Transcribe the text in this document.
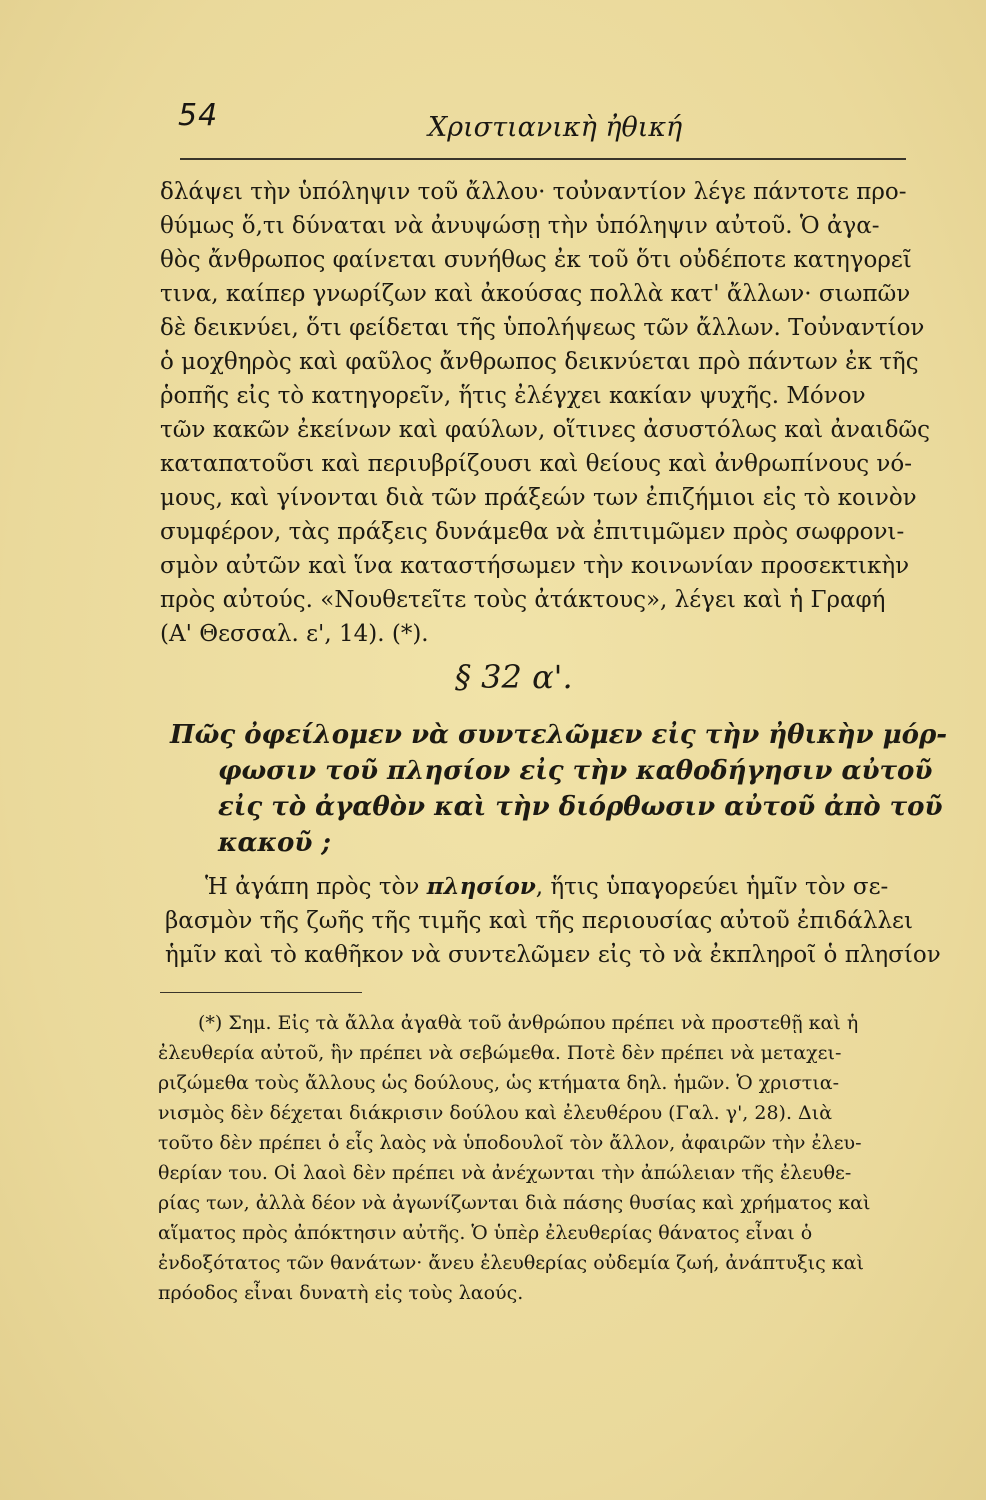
54	Χριστιανικὴ ἠθική
δλάψει τὴν ὑπόληψιν τοῦ ἄλλου· τοὐναντίον λέγε πάντοτε προ-
θύμως ὅ,τι δύναται νὰ ἀνυψώσῃ τὴν ὑπόληψιν αὐτοῦ. Ὁ ἀγα-
θὸς ἄνθρωπος φαίνεται συνήθως ἐκ τοῦ ὅτι οὐδέποτε κατηγορεῖ
τινα, καίπερ γνωρίζων καὶ ἀκούσας πολλὰ κατ' ἄλλων· σιωπῶν
δὲ δεικνύει, ὅτι φείδεται τῆς ὑπολήψεως τῶν ἄλλων. Τοὐναντίον
ὁ μοχθηρὸς καὶ φαῦλος ἄνθρωπος δεικνύεται πρὸ πάντων ἐκ τῆς
ῥοπῆς εἰς τὸ κατηγορεῖν, ἥτις ἐλέγχει κακίαν ψυχῆς. Μόνον
τῶν κακῶν ἐκείνων καὶ φαύλων, οἵτινες ἀσυστόλως καὶ ἀναιδῶς
καταπατοῦσι καὶ περιυβρίζουσι καὶ θείους καὶ ἀνθρωπίνους νό-
μους, καὶ γίνονται διὰ τῶν πράξεών των ἐπιζήμιοι εἰς τὸ κοινὸν
συμφέρον, τὰς πράξεις δυνάμεθα νὰ ἐπιτιμῶμεν πρὸς σωφρονι-
σμὸν αὐτῶν καὶ ἵνα καταστήσωμεν τὴν κοινωνίαν προσεκτικὴν
πρὸς αὐτούς. «Νουθετεῖτε τοὺς ἀτάκτους», λέγει καὶ ἡ Γραφή
(Α' Θεσσαλ. ε', 14). (*).
§ 32 α'.
Πῶς ὀφείλομεν νὰ συντελῶμεν εἰς τὴν ἠθικὴν μόρ-
φωσιν τοῦ πλησίον εἰς τὴν καθοδήγησιν αὐτοῦ
εἰς τὸ ἀγαθὸν καὶ τὴν διόρθωσιν αὐτοῦ ἀπὸ τοῦ
κακοῦ ;
Ἡ ἀγάπη πρὸς τὸν πλησίον, ἥτις ὑπαγορεύει ἡμῖν τὸν σε-
βασμὸν τῆς ζωῆς τῆς τιμῆς καὶ τῆς περιουσίας αὐτοῦ ἐπιδάλλει
ἡμῖν καὶ τὸ καθῆκον νὰ συντελῶμεν εἰς τὸ νὰ ἐκπληροῖ ὁ πλησίον
(*) Σημ. Εἰς τὰ ἄλλα ἀγαθὰ τοῦ ἀνθρώπου πρέπει νὰ προστεθῇ καὶ ἡ
ἐλευθερία αὐτοῦ, ἣν πρέπει νὰ σεβώμεθα. Ποτὲ δὲν πρέπει νὰ μεταχει-
ριζώμεθα τοὺς ἄλλους ὡς δούλους, ὡς κτήματα δηλ. ἡμῶν. Ὁ χριστια-
νισμὸς δὲν δέχεται διάκρισιν δούλου καὶ ἐλευθέρου (Γαλ. γ', 28). Διὰ
τοῦτο δὲν πρέπει ὁ εἷς λαὸς νὰ ὑποδουλοῖ τὸν ἄλλον, ἀφαιρῶν τὴν ἐλευ-
θερίαν του. Οἱ λαοὶ δὲν πρέπει νὰ ἀνέχωνται τὴν ἀπώλειαν τῆς ἐλευθε-
ρίας των, ἀλλὰ δέον νὰ ἀγωνίζωνται διὰ πάσης θυσίας καὶ χρήματος καὶ
αἵματος πρὸς ἀπόκτησιν αὐτῆς. Ὁ ὑπὲρ ἐλευθερίας θάνατος εἶναι ὁ
ἐνδοξότατος τῶν θανάτων· ἄνευ ἐλευθερίας οὐδεμία ζωή, ἀνάπτυξις καὶ
πρόοδος εἶναι δυνατὴ εἰς τοὺς λαούς.
